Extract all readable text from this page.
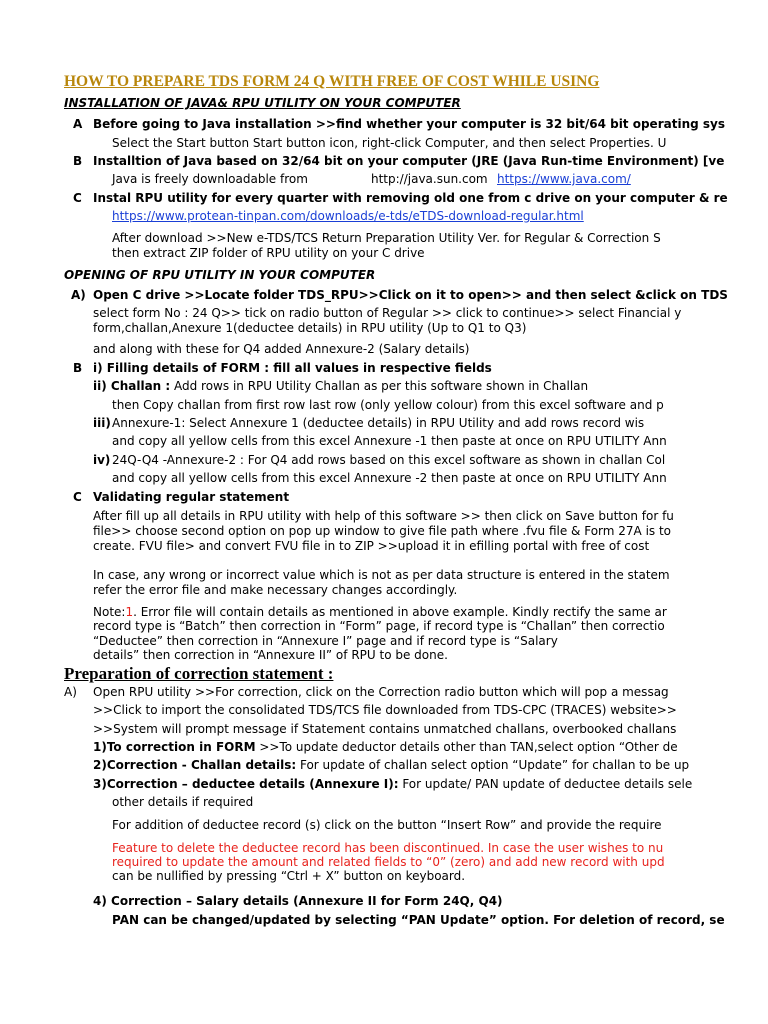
HOW TO PREPARE TDS FORM 24 Q WITH FREE OF COST WHILE USING
INSTALLATION OF JAVA& RPU UTILITY ON YOUR COMPUTER
A Before going to Java installation >>find whether your computer is 32 bit/64 bit operating sys
Select the Start button Start button icon, right-click Computer, and then select Properties. U
B Installtion of Java based on 32/64 bit on your computer (JRE (Java Run-time Environment) [ve
Java is freely downloadable from	http://java.sun.com https://www.java.com/
C Instal RPU utility for every quarter with removing old one from c drive on your computer & re
https://www.protean-tinpan.com/downloads/e-tds/eTDS-download-regular.html
After download >>New e-TDS/TCS Return Preparation Utility Ver. for Regular & Correction S
then extract ZIP folder of RPU utility on your C drive
OPENING OF RPU UTILITY IN YOUR COMPUTER
A) Open C drive >>Locate folder TDS_RPU>>Click on it to open>> and then select &click on TDS
select form No : 24 Q>> tick on radio button of Regular >> click to continue>> select Financial y
form,challan,Anexure 1(deductee details) in RPU utility (Up to Q1 to Q3)
and along with these for Q4 added Annexure-2 (Salary details)
B i) Filling details of FORM : fill all values in respective fields
ii) Challan : Add rows in RPU Utility Challan as per this software shown in Challan
then Copy challan from first row last row (only yellow colour) from this excel software and p
iii) Annexure-1: Select Annexure 1 (deductee details) in RPU Utility and add rows record wis
and copy all yellow cells from this excel Annexure -1 then paste at once on RPU UTILITY Ann
iv) 24Q-Q4 -Annexure-2 : For Q4 add rows based on this excel software as shown in challan Col
and copy all yellow cells from this excel Annexure -2 then paste at once on RPU UTILITY Ann
C Validating regular statement
After fill up all details in RPU utility with help of this software >> then click on Save button for fu
file>> choose second option on pop up window to give file path where .fvu file & Form 27A is to
create. FVU file> and convert FVU file in to ZIP >>upload it in efilling portal with free of cost
In case, any wrong or incorrect value which is not as per data structure is entered in the statem
refer the error file and make necessary changes accordingly.
Note:1. Error file will contain details as mentioned in above example. Kindly rectify the same ar
record type is “Batch” then correction in “Form” page, if record type is “Challan” then correctio
“Deductee” then correction in “Annexure I” page and if record type is “Salary
details” then correction in “Annexure II” of RPU to be done.
Preparation of correction statement :
A) Open RPU utility >>For correction, click on the Correction radio button which will pop a messag
>>Click to import the consolidated TDS/TCS file downloaded from TDS-CPC (TRACES) website>>
>>System will prompt message if Statement contains unmatched challans, overbooked challans
1)To correction in FORM >>To update deductor details other than TAN,select option “Other de
2)Correction - Challan details: For update of challan select option “Update” for challan to be up
3)Correction – deductee details (Annexure I): For update/ PAN update of deductee details sele
other details if required
For addition of deductee record (s) click on the button “Insert Row” and provide the require
Feature to delete the deductee record has been discontinued. In case the user wishes to nu
required to update the amount and related fields to “0” (zero) and add new record with upd
can be nullified by pressing “Ctrl + X” button on keyboard.
4) Correction – Salary details (Annexure II for Form 24Q, Q4)
PAN can be changed/updated by selecting “PAN Update” option. For deletion of record, se
